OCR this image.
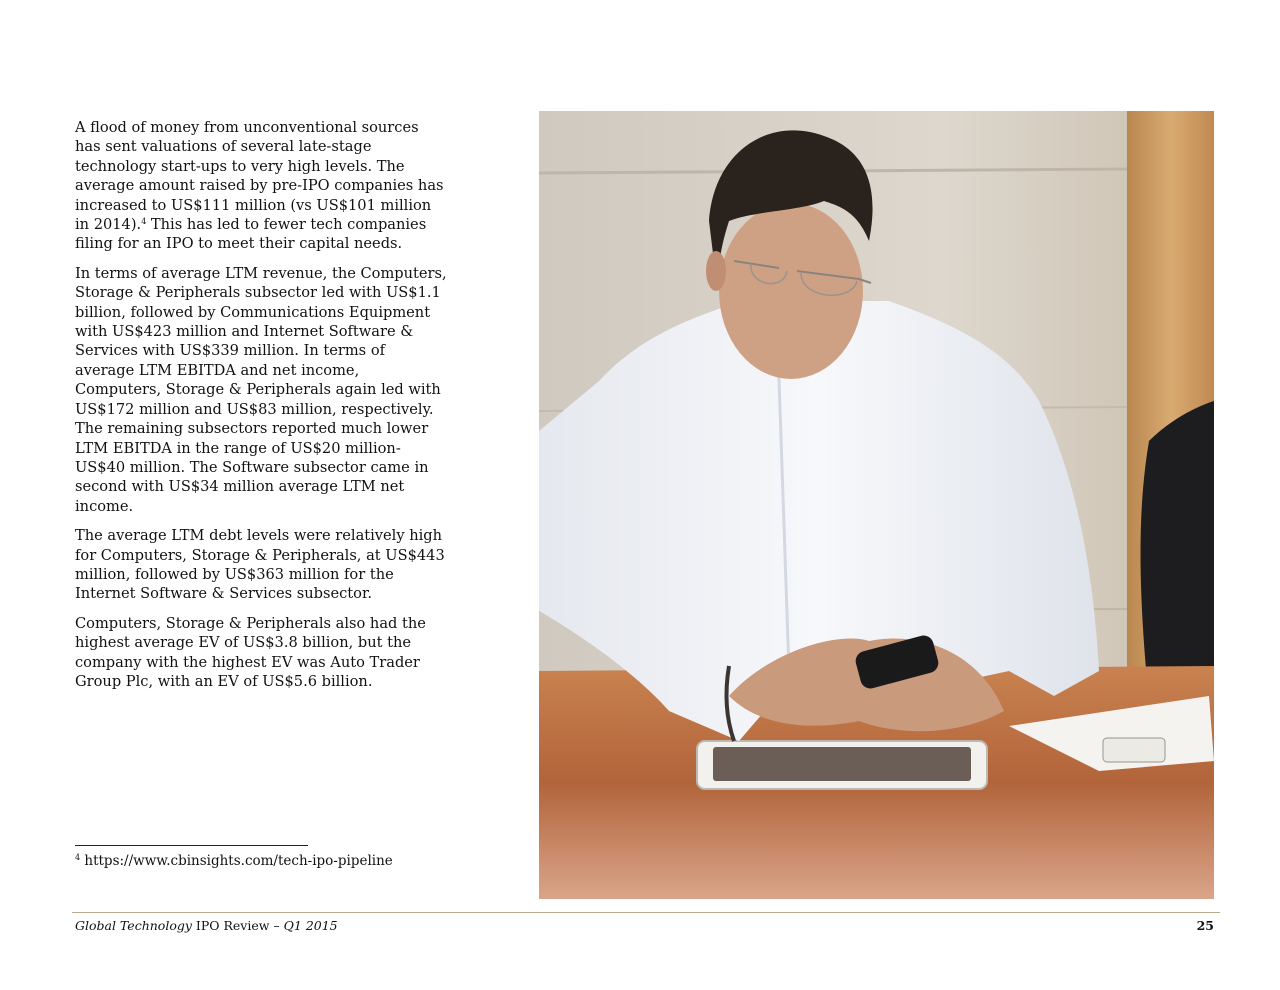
A flood of money from unconventional sources has sent valuations of several late-stage technology start-ups to very high levels. The average amount raised by pre-IPO companies has increased to US$111 million (vs US$101 million in 2014).$^4$ This has led to fewer tech companies filing for an IPO to meet their capital needs.

In terms of average LTM revenue, the Computers, Storage & Peripherals subsector led with US$1.1 billion, followed by Communications Equipment with US$423 million and Internet Software & Services with US$339 million. In terms of average LTM EBITDA and net income, Computers, Storage & Peripherals again led with US$172 million and US$83 million, respectively. The remaining subsectors reported much lower LTM EBITDA in the range of US$20 million-US$40 million. The Software subsector came in second with US$34 million average LTM net income.

The average LTM debt levels were relatively high for Computers, Storage & Peripherals, at US$443 million, followed by US$363 million for the Internet Software & Services subsector.

Computers, Storage & Peripherals also had the highest average EV of US$3.8 billion, but the company with the highest EV was Auto Trader Group Plc, with an EV of US$5.6 billion.

$^4$ https://www.cbinsights.com/tech-ipo-pipeline
Global Technology IPO Review – Q1 2015	25
